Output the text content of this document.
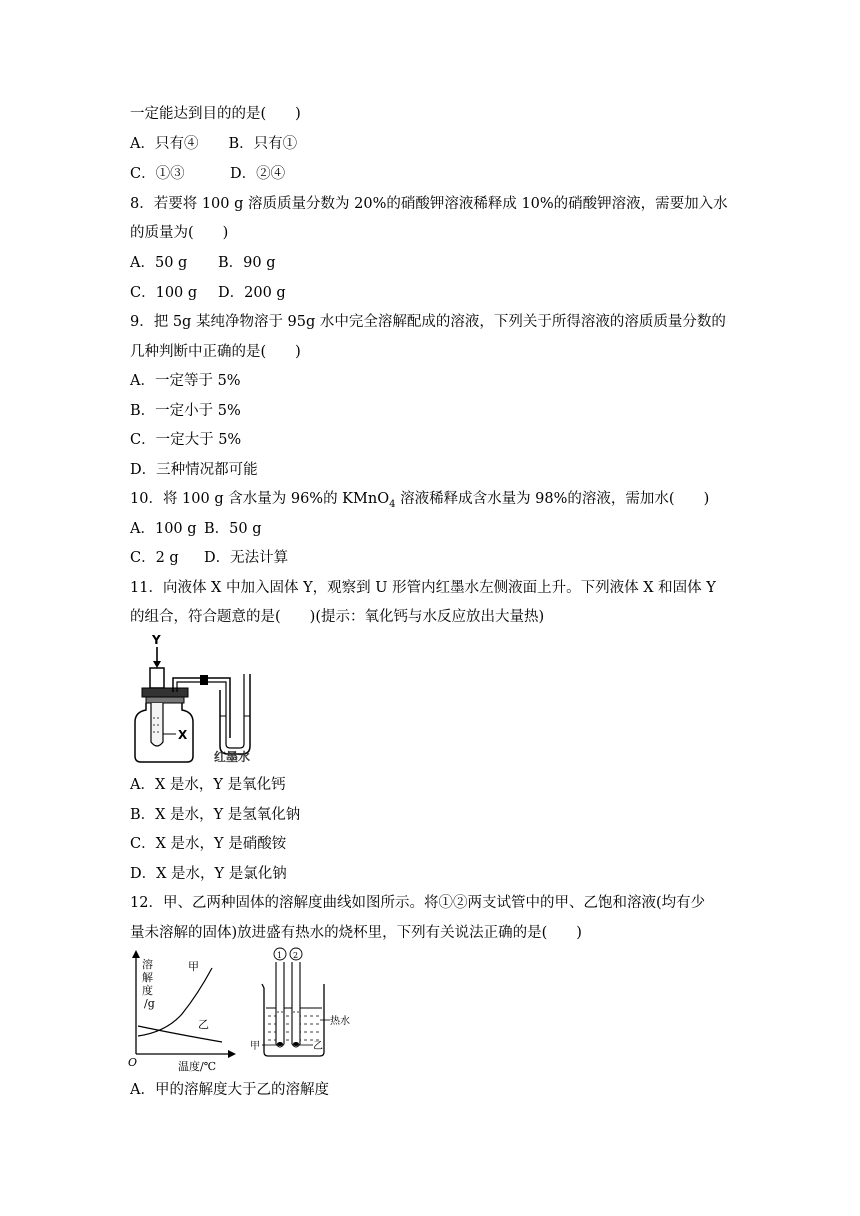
一定能达到目的的是(　　)
A．只有④ B．只有①
C．①③	D．②④
8．若要将 100 g 溶质质量分数为 20%的硝酸钾溶液稀释成 10%的硝酸钾溶液，需要加入水
的质量为(　　)
A．50 g B．90 g
C．100 g D．200 g
9．把 5g 某纯净物溶于 95g 水中完全溶解配成的溶液，下列关于所得溶液的溶质质量分数的
几种判断中正确的是(　　)
A．一定等于 5%
B．一定小于 5%
C．一定大于 5%
D．三种情况都可能
10．将 100 g 含水量为 96%的 KMnO$_4$ 溶液稀释成含水量为 98%的溶液，需加水(　　)
A．100 g B．50 g
C．2 g D．无法计算
11．向液体 X 中加入固体 Y，观察到 U 形管内红墨水左侧液面上升。下列液体 X 和固体 Y
的组合，符合题意的是(　　)(提示：氧化钙与水反应放出大量热)
Y
X
红墨水
A．X 是水，Y 是氧化钙
B．X 是水，Y 是氢氧化钠
C．X 是水，Y 是硝酸铵
D．X 是水，Y 是氯化钠
12．甲、乙两种固体的溶解度曲线如图所示。将①②两支试管中的甲、乙饱和溶液(均有少
量未溶解的固体)放进盛有热水的烧杯里，下列有关说法正确的是(　　)
溶
解
度
/g
甲
乙
O	温度/℃
1 2
热水
甲	乙
A．甲的溶解度大于乙的溶解度
